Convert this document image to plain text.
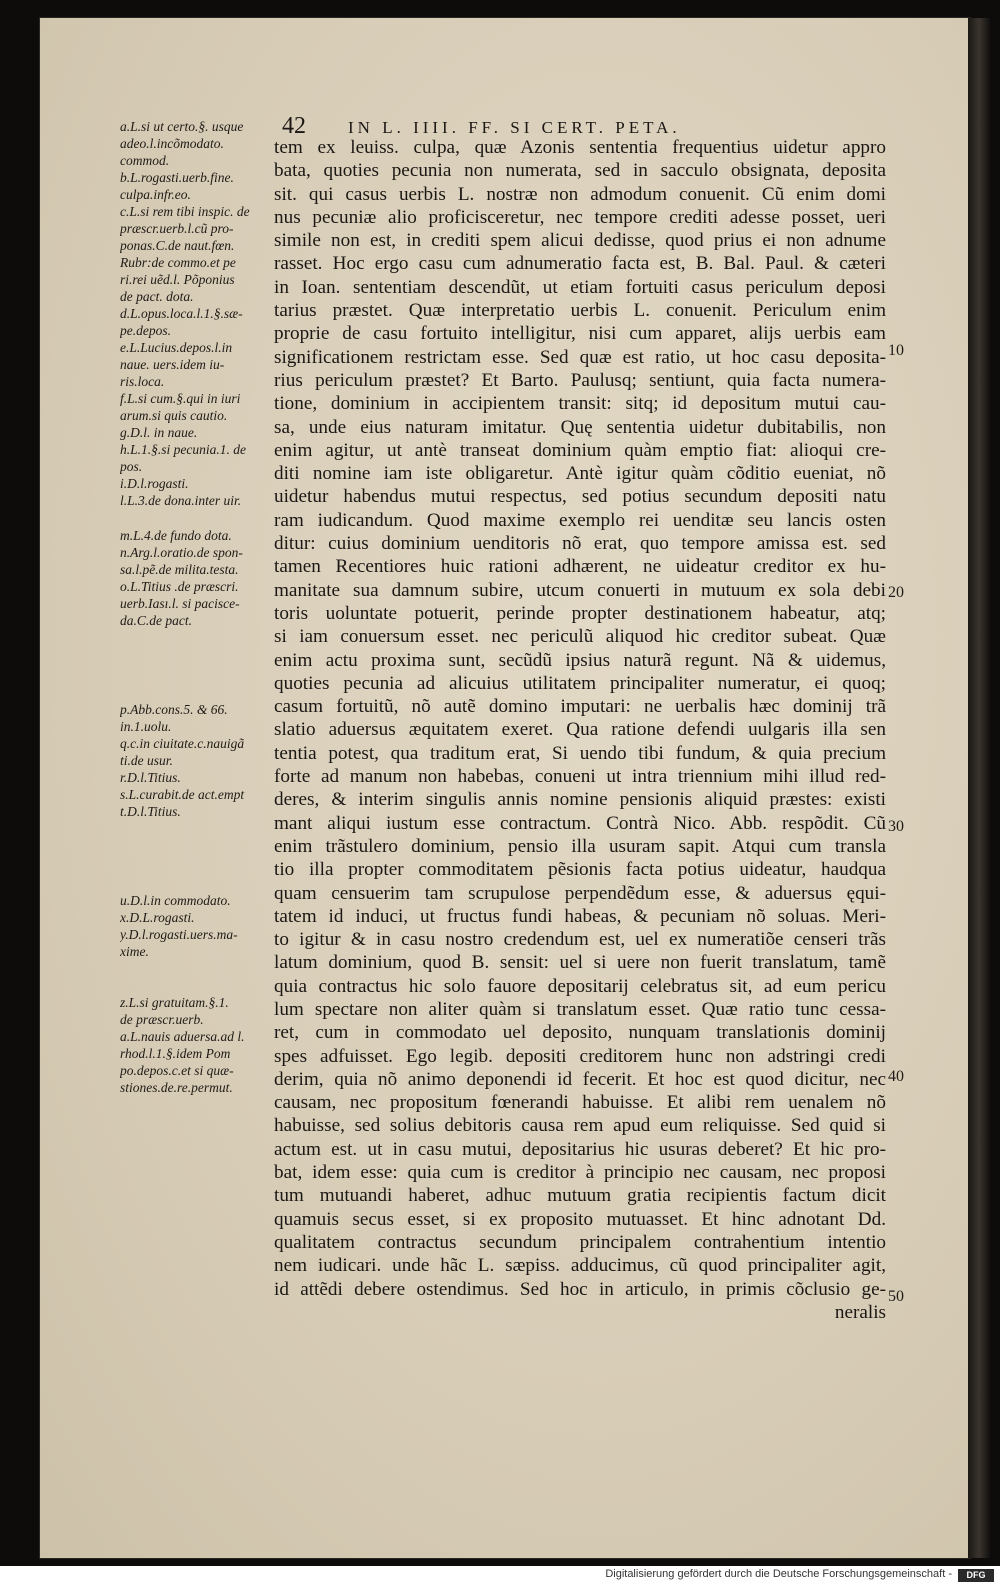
42 IN L. IIII. FF. SI CERT. PETA.

a.L.si ut certo.§. usque

adeo.l.incõmodato.

commod.

b.L.rogasti.uerb.fine.

culpa.infr.eo.

c.L.si rem tibi inspic. de

præscr.uerb.l.cũ pro-

ponas.C.de naut.fœn.

Rubr:de commo.et pe

ri.rei uẽd.l. Põponius

de pact. dota.

d.L.opus.loca.l.1.§.sæ-

pe.depos.

e.L.Lucius.depos.l.in

naue. uers.idem iu-

ris.loca.

f.L.si cum.§.qui in iuri

arum.si quis cautio.

g.D.l. in naue.

h.L.1.§.si pecunia.1. de

pos.

i.D.l.rogasti.

l.L.3.de dona.inter uir.

m.L.4.de fundo dota.

n.Arg.l.oratio.de spon-

sa.l.pẽ.de milita.testa.

o.L.Titius .de præscri.

uerb.Iası.l. si pacisce-

da.C.de pact.

p.Abb.cons.5. & 66.

in.1.uolu.

q.c.in ciuitate.c.nauigã

ti.de usur.

r.D.l.Titius.

s.L.curabit.de act.empt

t.D.l.Titius.

u.D.l.in commodato.

x.D.L.rogasti.

y.D.l.rogasti.uers.ma-

xime.

z.L.si gratuitam.§.1.

de præscr.uerb.

a.L.nauis aduersa.ad l.

rhod.l.1.§.idem Pom

po.depos.c.et si quæ-

stiones.de.re.permut.

tem ex leuiss. culpa, quæ Azonis sententia frequentius uidetur appro

bata, quoties pecunia non numerata, sed in sacculo obsignata, deposita

sit. qui casus uerbis L. nostræ non admodum conuenit. Cũ enim domi

nus pecuniæ alio proficisceretur, nec tempore crediti adesse posset, ueri

simile non est, in crediti spem alicui dedisse, quod prius ei non adnume

rasset. Hoc ergo casu cum adnumeratio facta est, B. Bal. Paul. & cæteri

in Ioan. sententiam descendũt, ut etiam fortuiti casus periculum deposi

tarius præstet. Quæ interpretatio uerbis L. conuenit. Periculum enim

proprie de casu fortuito intelligitur, nisi cum apparet, alijs uerbis eam

significationem restrictam esse. Sed quæ est ratio, ut hoc casu deposita-

rius periculum præstet? Et Barto. Paulusq; sentiunt, quia facta numera-

tione, dominium in accipientem transit: sitq; id depositum mutui cau-

sa, unde eius naturam imitatur. Quę sententia uidetur dubitabilis, non

enim agitur, ut antè transeat dominium quàm emptio fiat: alioqui cre-

diti nomine iam iste obligaretur. Antè igitur quàm cõditio eueniat, nõ

uidetur habendus mutui respectus, sed potius secundum depositi natu

ram iudicandum. Quod maxime exemplo rei uenditæ seu lancis osten

ditur: cuius dominium uenditoris nõ erat, quo tempore amissa est. sed

tamen Recentiores huic rationi adhærent, ne uideatur creditor ex hu-

manitate sua damnum subire, utcum conuerti in mutuum ex sola debi

toris uoluntate potuerit, perinde propter destinationem habeatur, atq;

si iam conuersum esset. nec periculũ aliquod hic creditor subeat. Quæ

enim actu proxima sunt, secũdũ ipsius naturã regunt. Nã & uidemus,

quoties pecunia ad alicuius utilitatem principaliter numeratur, ei quoq;

casum fortuitũ, nõ autẽ domino imputari: ne uerbalis hæc dominij trã

slatio aduersus æquitatem exeret. Qua ratione defendi uulgaris illa sen

tentia potest, qua traditum erat, Si uendo tibi fundum, & quia precium

forte ad manum non habebas, conueni ut intra triennium mihi illud red-

deres, & interim singulis annis nomine pensionis aliquid præstes: existi

mant aliqui iustum esse contractum. Contrà Nico. Abb. respõdit. Cũ

enim trãstulero dominium, pensio illa usuram sapit. Atqui cum transla

tio illa propter commoditatem pẽsionis facta potius uideatur, haudqua

quam censuerim tam scrupulose perpendẽdum esse, & aduersus ęqui-

tatem id induci, ut fructus fundi habeas, & pecuniam nõ soluas. Meri-

to igitur & in casu nostro credendum est, uel ex numeratiõe censeri trãs

latum dominium, quod B. sensit: uel si uere non fuerit translatum, tamẽ

quia contractus hic solo fauore depositarij celebratus sit, ad eum pericu

lum spectare non aliter quàm si translatum esset. Quæ ratio tunc cessa-

ret, cum in commodato uel deposito, nunquam translationis dominij

spes adfuisset. Ego legib. depositi creditorem hunc non adstringi credi

derim, quia nõ animo deponendi id fecerit. Et hoc est quod dicitur, nec

causam, nec propositum fœnerandi habuisse. Et alibi rem uenalem nõ

habuisse, sed solius debitoris causa rem apud eum reliquisse. Sed quid si

actum est. ut in casu mutui, depositarius hic usuras deberet? Et hic pro-

bat, idem esse: quia cum is creditor à principio nec causam, nec proposi

tum mutuandi haberet, adhuc mutuum gratia recipientis factum dicit

quamuis secus esset, si ex proposito mutuasset. Et hinc adnotant Dd.

qualitatem contractus secundum principalem contrahentium intentio

nem iudicari. unde hãc L. sæpiss. adducimus, cũ quod principaliter agit,

id attẽdi debere ostendimus. Sed hoc in articulo, in primis cõclusio ge-

neralis

10
20
30
40
50
Digitalisierung gefördert durch die Deutsche Forschungsgemeinschaft -	DFG
